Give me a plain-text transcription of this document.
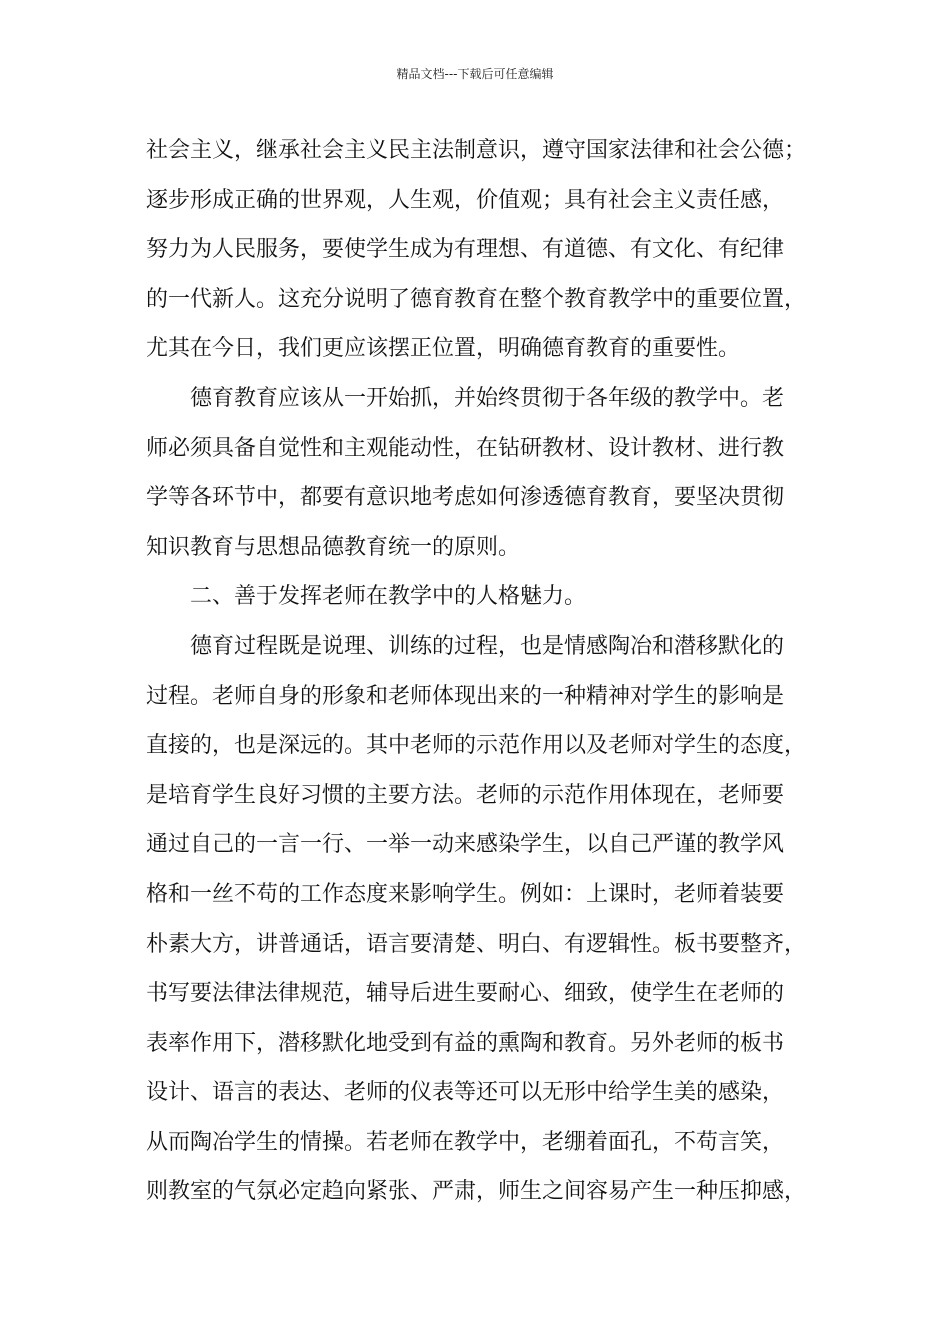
精品文档---下载后可任意编辑
社会主义，继承社会主义民主法制意识，遵守国家法律和社会公德；
逐步形成正确的世界观，人生观，价值观；具有社会主义责任感，
努力为人民服务，要使学生成为有理想、有道德、有文化、有纪律
的一代新人。这充分说明了德育教育在整个教育教学中的重要位置，
尤其在今日，我们更应该摆正位置，明确德育教育的重要性。
德育教育应该从一开始抓，并始终贯彻于各年级的教学中。老
师必须具备自觉性和主观能动性，在钻研教材、设计教材、进行教
学等各环节中，都要有意识地考虑如何渗透德育教育，要坚决贯彻
知识教育与思想品德教育统一的原则。
二、善于发挥老师在教学中的人格魅力。
德育过程既是说理、训练的过程，也是情感陶冶和潜移默化的
过程。老师自身的形象和老师体现出来的一种精神对学生的影响是
直接的，也是深远的。其中老师的示范作用以及老师对学生的态度，
是培育学生良好习惯的主要方法。老师的示范作用体现在，老师要
通过自己的一言一行、一举一动来感染学生，以自己严谨的教学风
格和一丝不苟的工作态度来影响学生。例如：上课时，老师着装要
朴素大方，讲普通话，语言要清楚、明白、有逻辑性。板书要整齐，
书写要法律法律规范，辅导后进生要耐心、细致，使学生在老师的
表率作用下，潜移默化地受到有益的熏陶和教育。另外老师的板书
设计、语言的表达、老师的仪表等还可以无形中给学生美的感染，
从而陶冶学生的情操。若老师在教学中，老绷着面孔，不苟言笑，
则教室的气氛必定趋向紧张、严肃，师生之间容易产生一种压抑感，
